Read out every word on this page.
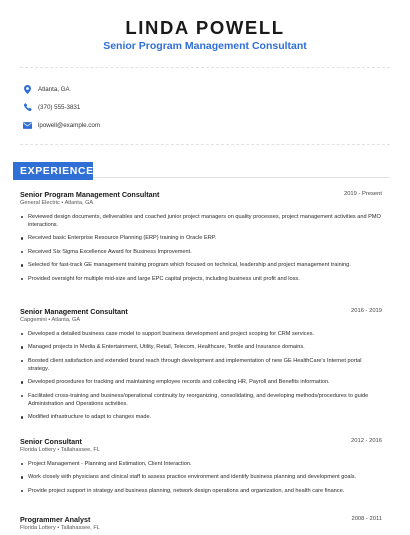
LINDA POWELL
Senior Program Management Consultant
Atlanta, GA
(370) 555-3831
lpowell@example.com
EXPERIENCE
Senior Program Management Consultant	2019 - Present
General Electric • Atlanta, GA
Reviewed design documents, deliverables and coached junior project managers on quality processes, project management activities and PMO interactions.
Received basic Enterprise Resource Planning (ERP) training in Oracle ERP.
Received Six Sigma Excellence Award for Business Improvement.
Selected for fast-track GE management training program which focused on technical, leadership and project management training.
Provided oversight for multiple mid-size and large EPC capital projects, including business unit profit and loss.
Senior Management Consultant	2016 - 2019
Capgemini • Atlanta, GA
Developed a detailed business case model to support business development and project scoping for CRM services.
Managed projects in Media & Entertainment, Utility, Retail, Telecom, Healthcare, Textile and Insurance domains.
Boosted client satisfaction and extended brand reach through development and implementation of new GE HealthCare's Internet portal strategy.
Developed procedures for tracking and maintaining employee records and collecting HR, Payroll and Benefits information.
Facilitated cross-training and business/operational continuity by reorganizing, consolidating, and developing methods/procedures to guide Administration and Operations activities.
Modified infrastructure to adapt to changes made.
Senior Consultant	2012 - 2016
Florida Lottery • Tallahassee, FL
Project Management - Planning and Estimation, Client Interaction.
Work closely with physicians and clinical staff to assess practice environment and identify business planning and development goals.
Provide project support in strategy and business planning, network design operations and organization, and health care finance.
Programmer Analyst	2008 - 2011
Florida Lottery • Tallahassee, FL
